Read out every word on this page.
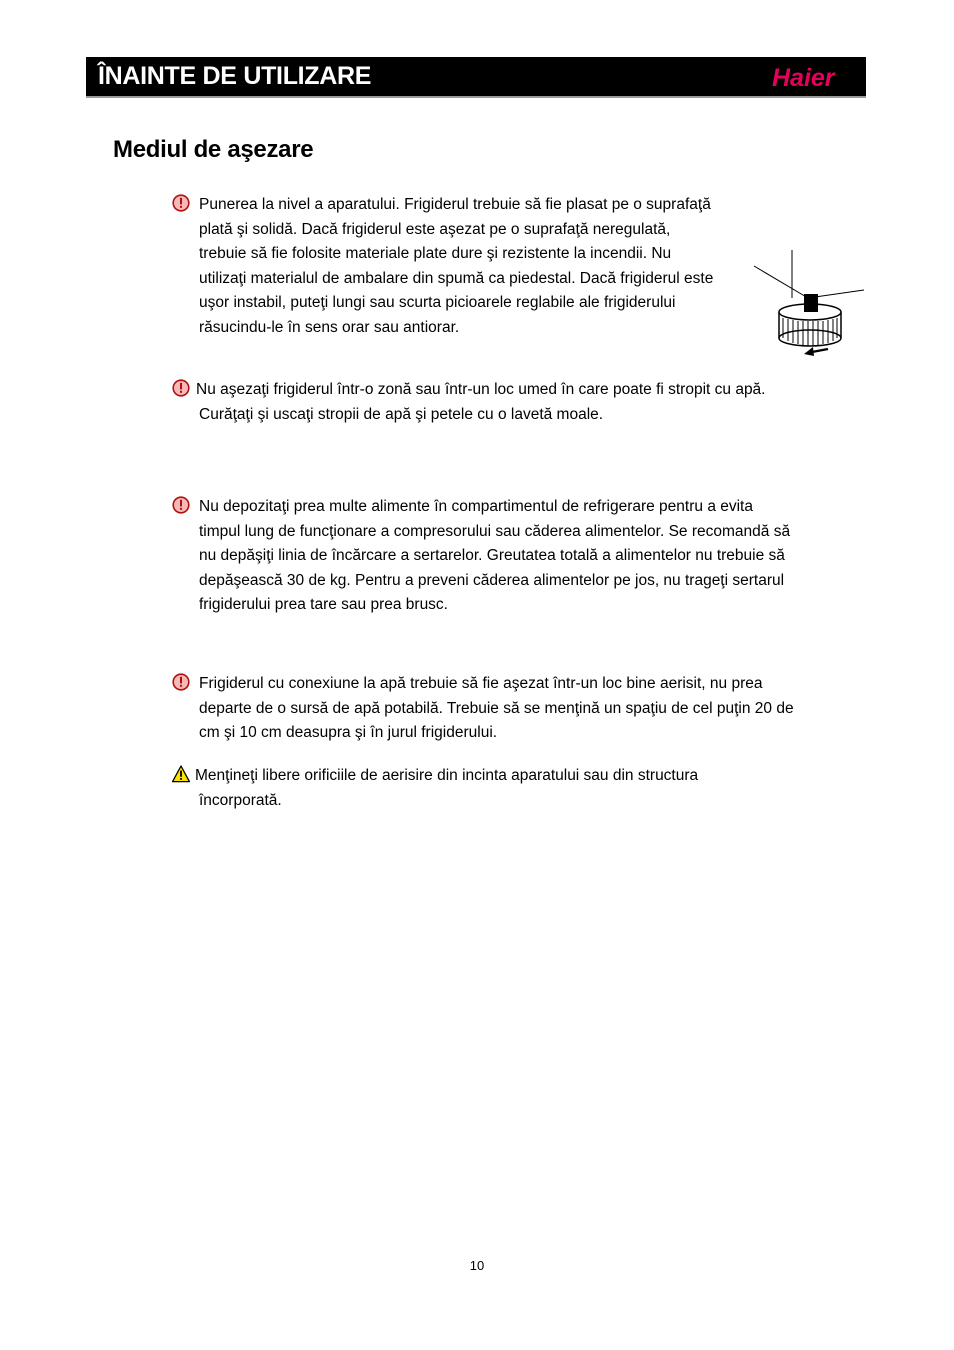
ÎNAINTE DE UTILIZARE	Haier
Mediul de aşezare
Punerea la nivel a aparatului. Frigiderul trebuie să fie plasat pe o suprafaţă
plată şi solidă. Dacă frigiderul este aşezat pe o suprafaţă neregulată,
trebuie să fie folosite materiale plate dure şi rezistente la incendii. Nu
utilizaţi materialul de ambalare din spumă ca piedestal. Dacă frigiderul este
uşor instabil, puteţi lungi sau scurta picioarele reglabile ale frigiderului
răsucindu-le în sens orar sau antiorar.
Nu aşezaţi frigiderul într-o zonă sau într-un loc umed în care poate fi stropit cu apă.
Curăţaţi şi uscaţi stropii de apă şi petele cu o lavetă moale.
Nu depozitaţi prea multe alimente în compartimentul de refrigerare pentru a evita
timpul lung de funcţionare a compresorului sau căderea alimentelor. Se recomandă să
nu depăşiţi linia de încărcare a sertarelor. Greutatea totală a alimentelor nu trebuie să
depăşească 30 de kg. Pentru a preveni căderea alimentelor pe jos, nu trageţi sertarul
frigiderului prea tare sau prea brusc.
Frigiderul cu conexiune la apă trebuie să fie aşezat într-un loc bine aerisit, nu prea
departe de o sursă de apă potabilă. Trebuie să se menţină un spaţiu de cel puţin 20 de
cm şi 10 cm deasupra şi în jurul frigiderului.
Menţineţi libere orificiile de aerisire din incinta aparatului sau din structura
încorporată.
10
